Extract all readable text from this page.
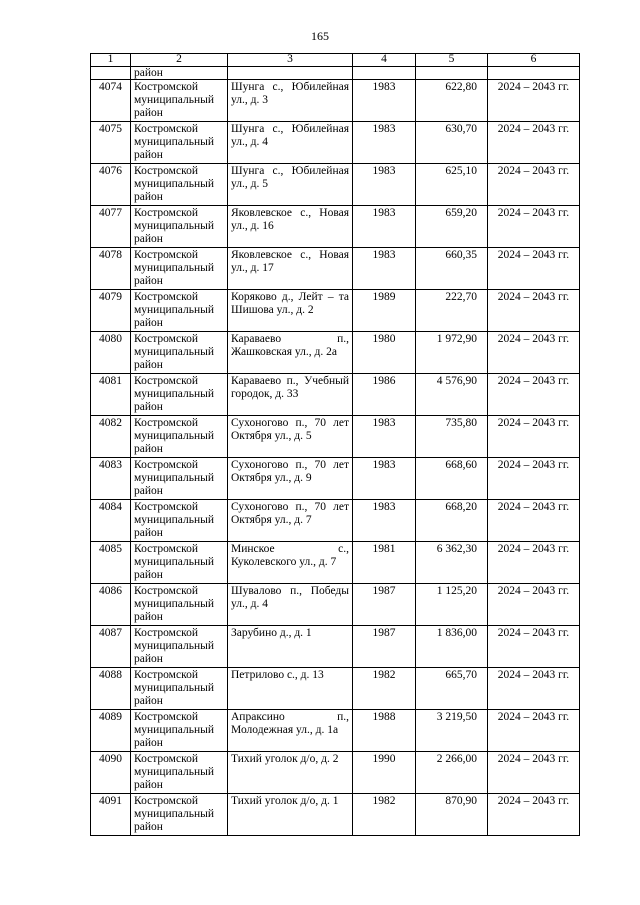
165
1	2	3	4	5	6
	район				
4074	Костромской муниципальный район	Шунга с., Юбилейная ул., д. 3	1983	622,80	2024 – 2043 гг.
4075	Костромской муниципальный район	Шунга с., Юбилейная ул., д. 4	1983	630,70	2024 – 2043 гг.
4076	Костромской муниципальный район	Шунга с., Юбилейная ул., д. 5	1983	625,10	2024 – 2043 гг.
4077	Костромской муниципальный район	Яковлевское с., Новая ул., д. 16	1983	659,20	2024 – 2043 гг.
4078	Костромской муниципальный район	Яковлевское с., Новая ул., д. 17	1983	660,35	2024 – 2043 гг.
4079	Костромской муниципальный район	Коряково д., Лейт – та Шишова ул., д. 2	1989	222,70	2024 – 2043 гг.
4080	Костромской муниципальный район	Караваево п., Жашковская ул., д. 2а	1980	1 972,90	2024 – 2043 гг.
4081	Костромской муниципальный район	Караваево п., Учебный городок, д. 33	1986	4 576,90	2024 – 2043 гг.
4082	Костромской муниципальный район	Сухоногово п., 70 лет Октября ул., д. 5	1983	735,80	2024 – 2043 гг.
4083	Костромской муниципальный район	Сухоногово п., 70 лет Октября ул., д. 9	1983	668,60	2024 – 2043 гг.
4084	Костромской муниципальный район	Сухоногово п., 70 лет Октября ул., д. 7	1983	668,20	2024 – 2043 гг.
4085	Костромской муниципальный район	Минское с., Куколевского ул., д. 7	1981	6 362,30	2024 – 2043 гг.
4086	Костромской муниципальный район	Шувалово п., Победы ул., д. 4	1987	1 125,20	2024 – 2043 гг.
4087	Костромской муниципальный район	Зарубино д., д. 1	1987	1 836,00	2024 – 2043 гг.
4088	Костромской муниципальный район	Петрилово с., д. 13	1982	665,70	2024 – 2043 гг.
4089	Костромской муниципальный район	Апраксино п., Молодежная ул., д. 1а	1988	3 219,50	2024 – 2043 гг.
4090	Костромской муниципальный район	Тихий уголок д/о, д. 2	1990	2 266,00	2024 – 2043 гг.
4091	Костромской муниципальный район	Тихий уголок д/о, д. 1	1982	870,90	2024 – 2043 гг.
